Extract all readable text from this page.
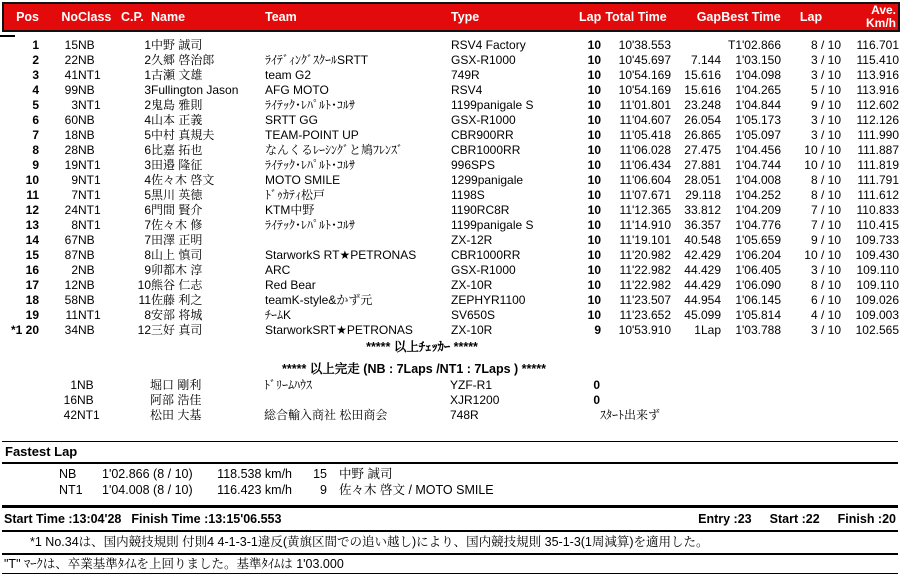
Pos	No	Class	C.P.	Name	Team	Type	Lap	Total Time	Gap	Best Time	Lap	Ave.
Km/h

1	15	NB	1	中野 誠司		RSV4 Factory	10	10'38.553		T1'02.866	8 / 10	116.701
2	22	NB	2	久郷 啓治郎	ﾗｲﾃﾞｨﾝｸﾞｽｸｰﾙSRTT	GSX-R1000	10	10'45.697	7.144	1'03.150	3 / 10	115.410
3	41	NT1	1	古瀬 文雄	team G2	749R	10	10'54.169	15.616	1'04.098	3 / 10	113.916
4	99	NB	3	Fullington Jason	AFG MOTO	RSV4	10	10'54.169	15.616	1'04.265	5 / 10	113.916
5	3	NT1	2	鬼島 雅則	ﾗｲﾃｯｸ･ﾚﾊﾟﾙﾄ･ｺﾙｻ	1199panigale S	10	11'01.801	23.248	1'04.844	9 / 10	112.602
6	60	NB	4	山本 正義	SRTT GG	GSX-R1000	10	11'04.607	26.054	1'05.173	3 / 10	112.126
7	18	NB	5	中村 真規夫	TEAM-POINT UP	CBR900RR	10	11'05.418	26.865	1'05.097	3 / 10	111.990
8	28	NB	6	比嘉 拓也	なんくるﾚｰｼﾝｸﾞと鳩ﾌﾚﾝｽﾞ	CBR1000RR	10	11'06.028	27.475	1'04.456	10 / 10	111.887
9	19	NT1	3	田邉 隆征	ﾗｲﾃｯｸ･ﾚﾊﾟﾙﾄ･ｺﾙｻ	996SPS	10	11'06.434	27.881	1'04.744	10 / 10	111.819
10	9	NT1	4	佐々木 啓文	MOTO SMILE	1299panigale	10	11'06.604	28.051	1'04.008	8 / 10	111.791
11	7	NT1	5	黒川 英徳	ﾄﾞｩｶﾃｨ松戸	1198S	10	11'07.671	29.118	1'04.252	8 / 10	111.612
12	24	NT1	6	門間 賢介	KTM中野	1190RC8R	10	11'12.365	33.812	1'04.209	7 / 10	110.833
13	8	NT1	7	佐々木 修	ﾗｲﾃｯｸ･ﾚﾊﾟﾙﾄ･ｺﾙｻ	1199panigale S	10	11'14.910	36.357	1'04.776	7 / 10	110.415
14	67	NB	7	田澤 正明		ZX-12R	10	11'19.101	40.548	1'05.659	9 / 10	109.733
15	87	NB	8	山上 慎司	StarworkS RT★PETRONAS	CBR1000RR	10	11'20.982	42.429	1'06.204	10 / 10	109.430
16	2	NB	9	卯都木 淳	ARC	GSX-R1000	10	11'22.982	44.429	1'06.405	3 / 10	109.110
17	12	NB	10	熊谷 仁志	Red Bear	ZX-10R	10	11'22.982	44.429	1'06.090	8 / 10	109.110
18	58	NB	11	佐藤 利之	teamK-style&かず元	ZEPHYR1100	10	11'23.507	44.954	1'06.145	6 / 10	109.026
19	11	NT1	8	安部 将城	ﾁｰﾑK	SV650S	10	11'23.652	45.099	1'05.814	4 / 10	109.003
*1 20	34	NB	12	三好 真司	StarworkSRT★PETRONAS	ZX-10R	9	10'53.910	1Lap	1'03.788	3 / 10	102.565
***** 以上ﾁｪｯｶｰ *****
***** 以上完走 (NB : 7Laps /NT1 : 7Laps ) *****
	1	NB		堀口 剛利	ﾄﾞﾘｰﾑﾊｳｽ	YZF-R1	0	
	16	NB		阿部 浩佳		XJR1200	0	
	42	NT1		松田 大基	総合輸入商社 松田商会	748R		ｽﾀｰﾄ出来ず
Fastest Lap
	NB	1'02.866 (8 / 10)	118.538 km/h	15		中野 誠司
	NT1	1'04.008 (8 / 10)	116.423 km/h	9		佐々木 啓文 / MOTO SMILE
Start Time :13:04'28 Finish Time :13:15'06.553	Entry :23 Start :22 Finish :20
*1 No.34は、国内競技規則 付則4 4-1-3-1違反(黄旗区間での追い越し)により、国内競技規則 35-1-3(1周減算)を適用した。
"T" ﾏｰｸは、卒業基準ﾀｲﾑを上回りました。基準ﾀｲﾑは 1'03.000
